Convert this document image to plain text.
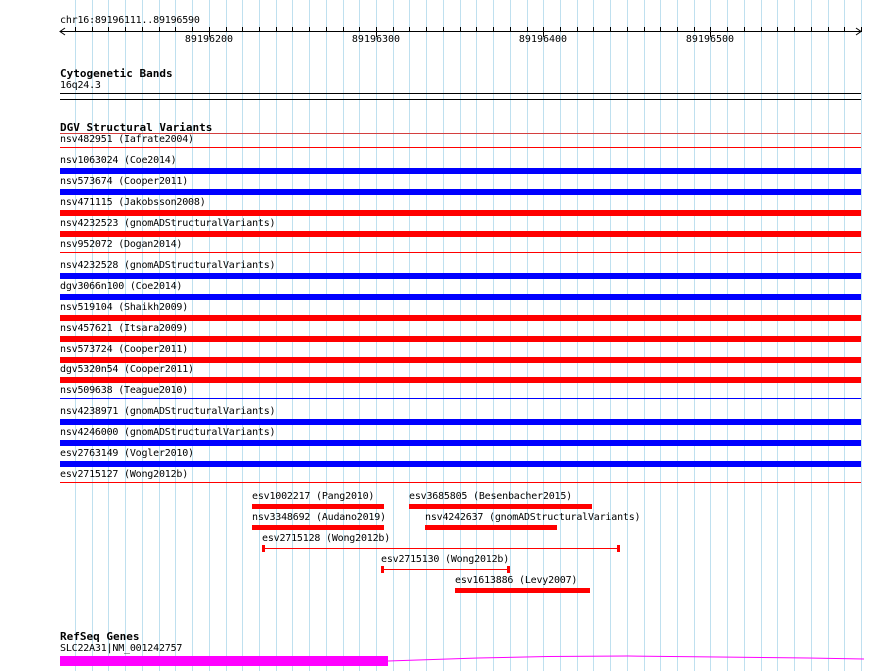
chr16:89196111..89196590
89196200	89196300	89196400	89196500
Cytogenetic Bands
16q24.3
DGV Structural Variants
nsv482951 (Iafrate2004)
nsv1063024 (Coe2014)
nsv573674 (Cooper2011)
nsv471115 (Jakobsson2008)
nsv4232523 (gnomADStructuralVariants)
nsv952072 (Dogan2014)
nsv4232528 (gnomADStructuralVariants)
dgv3066n100 (Coe2014)
nsv519104 (Shaikh2009)
nsv457621 (Itsara2009)
nsv573724 (Cooper2011)
dgv5320n54 (Cooper2011)
nsv509638 (Teague2010)
nsv4238971 (gnomADStructuralVariants)
nsv4246000 (gnomADStructuralVariants)
esv2763149 (Vogler2010)
esv2715127 (Wong2012b)
esv1002217 (Pang2010)	esv3685805 (Besenbacher2015)
nsv3348692 (Audano2019)	nsv4242637 (gnomADStructuralVariants)
esv2715128 (Wong2012b)
esv2715130 (Wong2012b)
esv1613886 (Levy2007)
RefSeq Genes
SLC22A31|NM_001242757
